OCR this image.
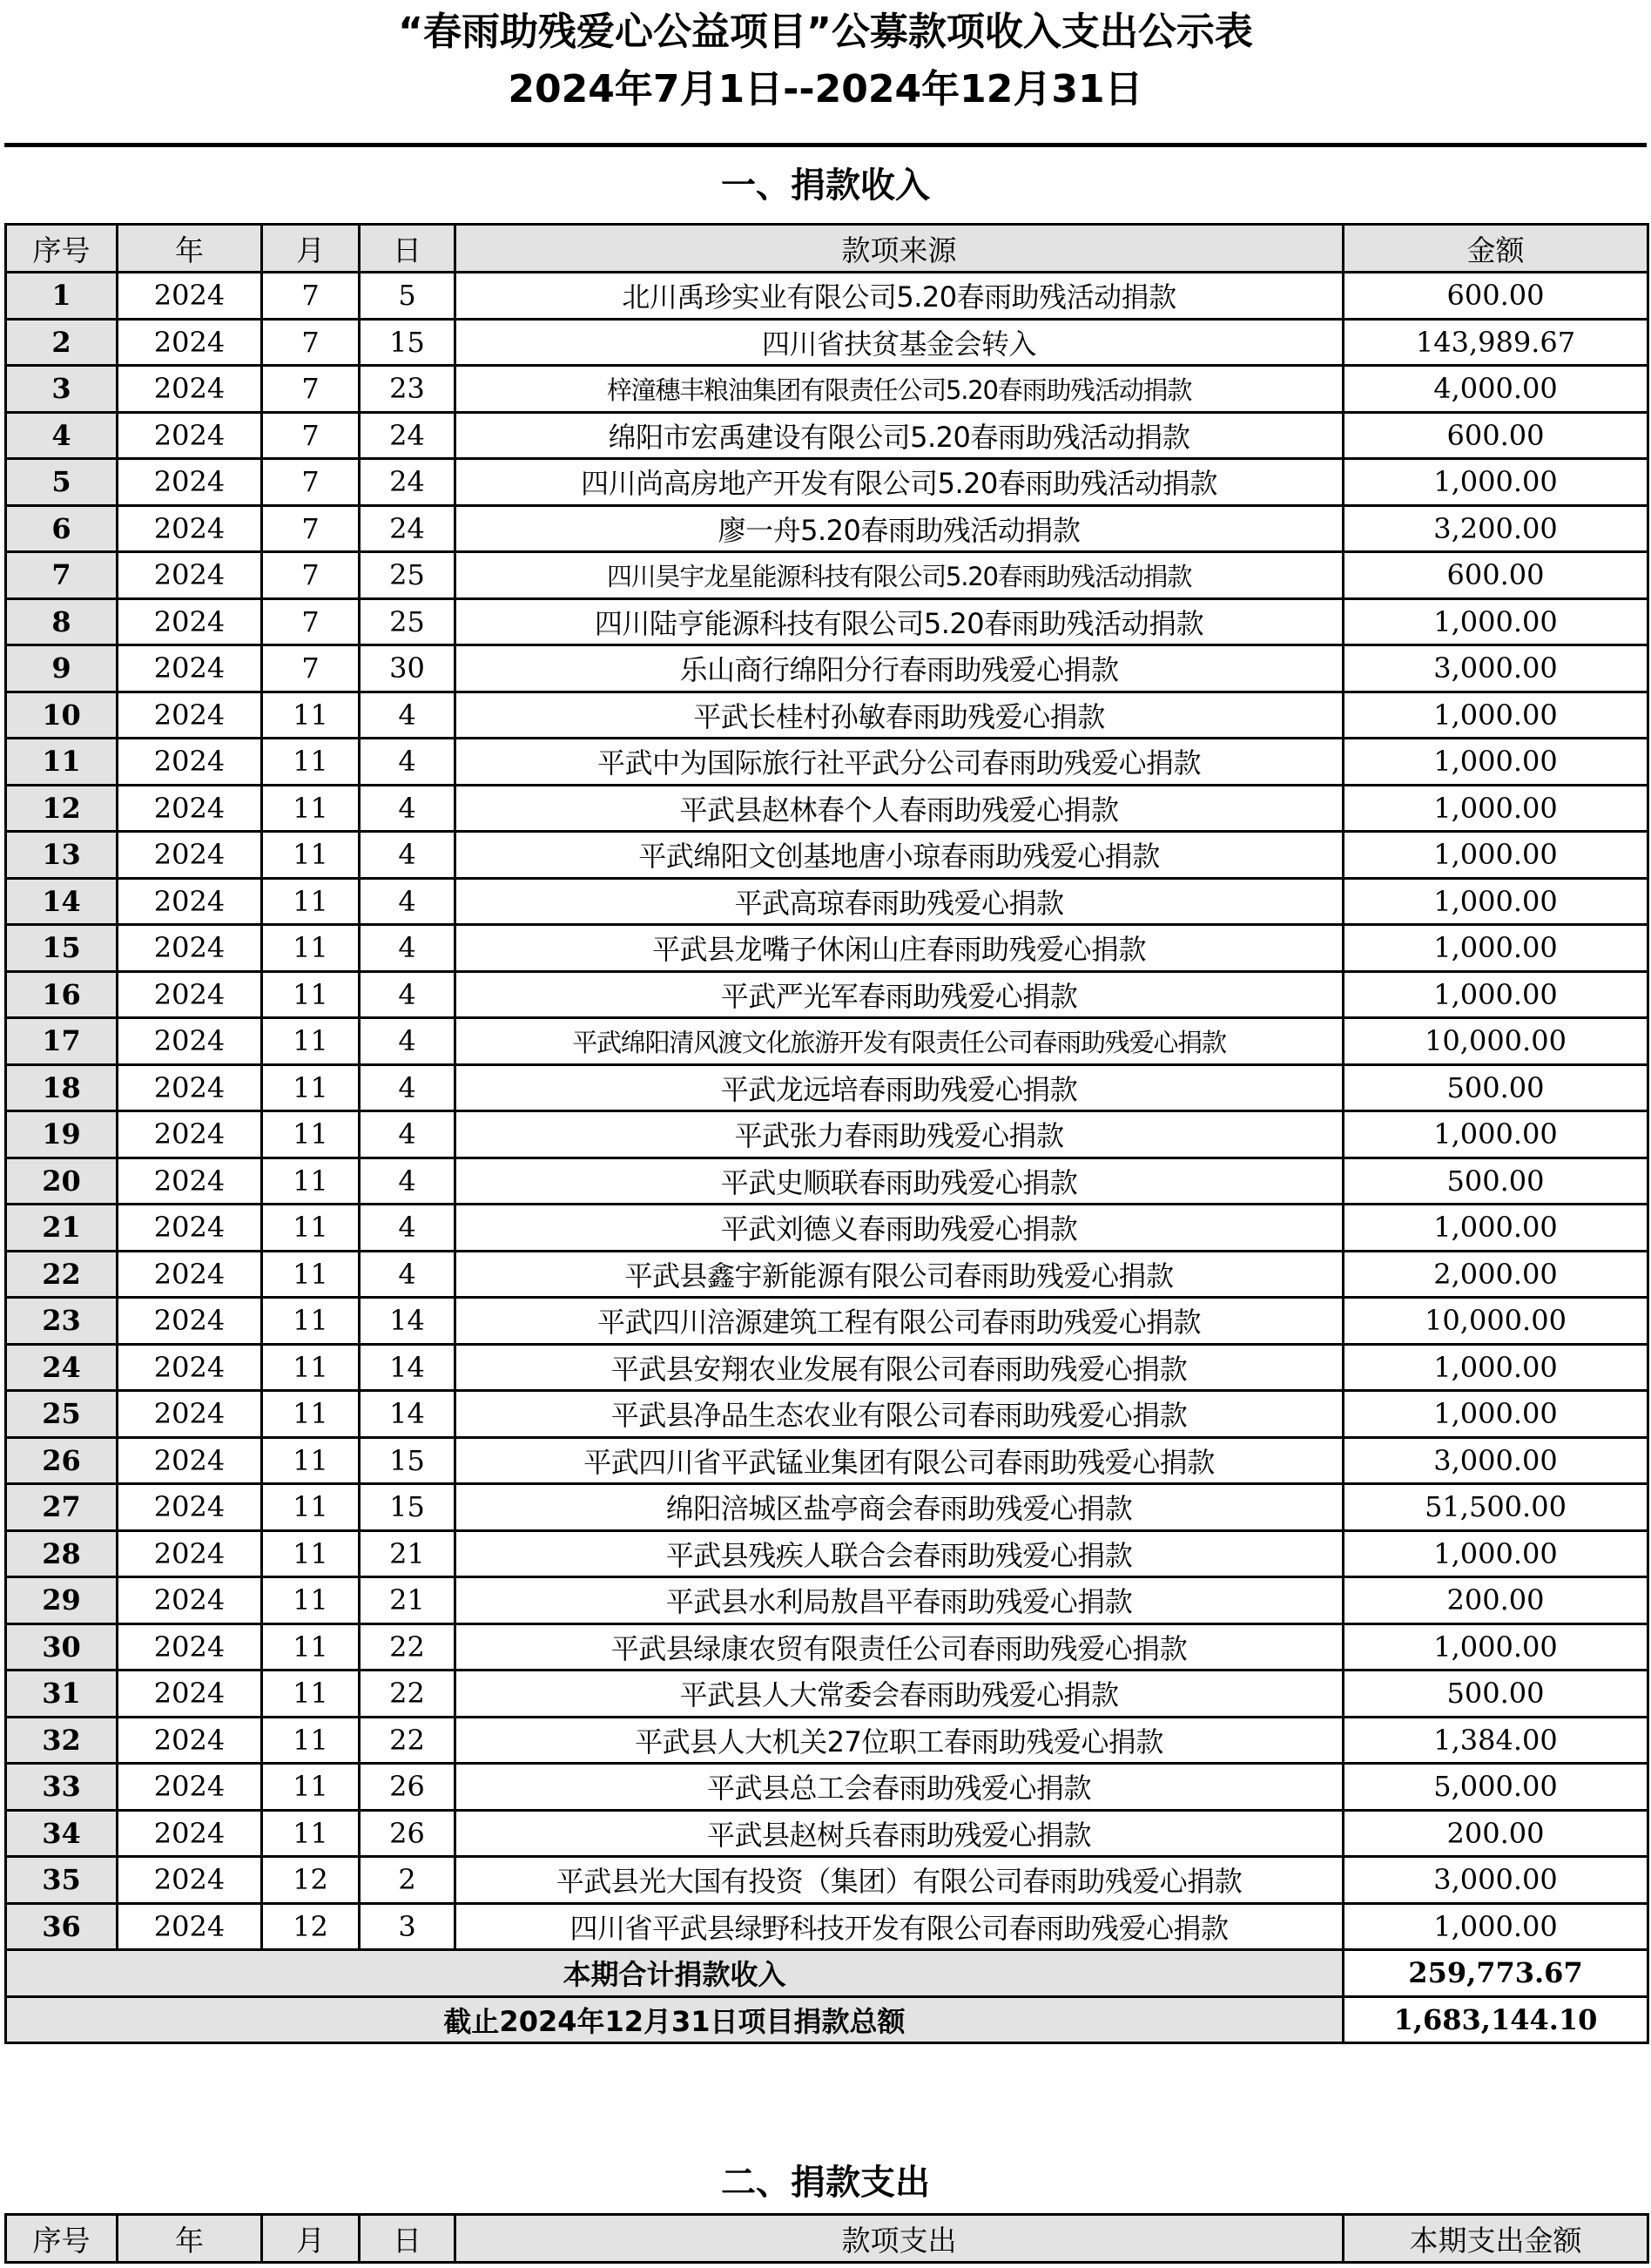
“春雨助残爱心公益项目”公募款项收入支出公示表
2024年7月1日--2024年12月31日
一、捐款收入
序号	年	月	日	款项来源	金额
1	2024	7	5	北川禹珍实业有限公司5.20春雨助残活动捐款	600.00
2	2024	7	15	四川省扶贫基金会转入	143,989.67
3	2024	7	23	梓潼穗丰粮油集团有限责任公司5.20春雨助残活动捐款	4,000.00
4	2024	7	24	绵阳市宏禹建设有限公司5.20春雨助残活动捐款	600.00
5	2024	7	24	四川尚高房地产开发有限公司5.20春雨助残活动捐款	1,000.00
6	2024	7	24	廖一舟5.20春雨助残活动捐款	3,200.00
7	2024	7	25	四川昊宇龙星能源科技有限公司5.20春雨助残活动捐款	600.00
8	2024	7	25	四川陆亨能源科技有限公司5.20春雨助残活动捐款	1,000.00
9	2024	7	30	乐山商行绵阳分行春雨助残爱心捐款	3,000.00
10	2024	11	4	平武长桂村孙敏春雨助残爱心捐款	1,000.00
11	2024	11	4	平武中为国际旅行社平武分公司春雨助残爱心捐款	1,000.00
12	2024	11	4	平武县赵林春个人春雨助残爱心捐款	1,000.00
13	2024	11	4	平武绵阳文创基地唐小琼春雨助残爱心捐款	1,000.00
14	2024	11	4	平武高琼春雨助残爱心捐款	1,000.00
15	2024	11	4	平武县龙嘴子休闲山庄春雨助残爱心捐款	1,000.00
16	2024	11	4	平武严光军春雨助残爱心捐款	1,000.00
17	2024	11	4	平武绵阳清风渡文化旅游开发有限责任公司春雨助残爱心捐款	10,000.00
18	2024	11	4	平武龙远培春雨助残爱心捐款	500.00
19	2024	11	4	平武张力春雨助残爱心捐款	1,000.00
20	2024	11	4	平武史顺联春雨助残爱心捐款	500.00
21	2024	11	4	平武刘德义春雨助残爱心捐款	1,000.00
22	2024	11	4	平武县鑫宇新能源有限公司春雨助残爱心捐款	2,000.00
23	2024	11	14	平武四川涪源建筑工程有限公司春雨助残爱心捐款	10,000.00
24	2024	11	14	平武县安翔农业发展有限公司春雨助残爱心捐款	1,000.00
25	2024	11	14	平武县净品生态农业有限公司春雨助残爱心捐款	1,000.00
26	2024	11	15	平武四川省平武锰业集团有限公司春雨助残爱心捐款	3,000.00
27	2024	11	15	绵阳涪城区盐亭商会春雨助残爱心捐款	51,500.00
28	2024	11	21	平武县残疾人联合会春雨助残爱心捐款	1,000.00
29	2024	11	21	平武县水利局敖昌平春雨助残爱心捐款	200.00
30	2024	11	22	平武县绿康农贸有限责任公司春雨助残爱心捐款	1,000.00
31	2024	11	22	平武县人大常委会春雨助残爱心捐款	500.00
32	2024	11	22	平武县人大机关27位职工春雨助残爱心捐款	1,384.00
33	2024	11	26	平武县总工会春雨助残爱心捐款	5,000.00
34	2024	11	26	平武县赵树兵春雨助残爱心捐款	200.00
35	2024	12	2	平武县光大国有投资（集团）有限公司春雨助残爱心捐款	3,000.00
36	2024	12	3	四川省平武县绿野科技开发有限公司春雨助残爱心捐款	1,000.00
本期合计捐款收入					259,773.67
截止2024年12月31日项目捐款总额					1,683,144.10
二、捐款支出
序号	年	月	日	款项支出	本期支出金额
